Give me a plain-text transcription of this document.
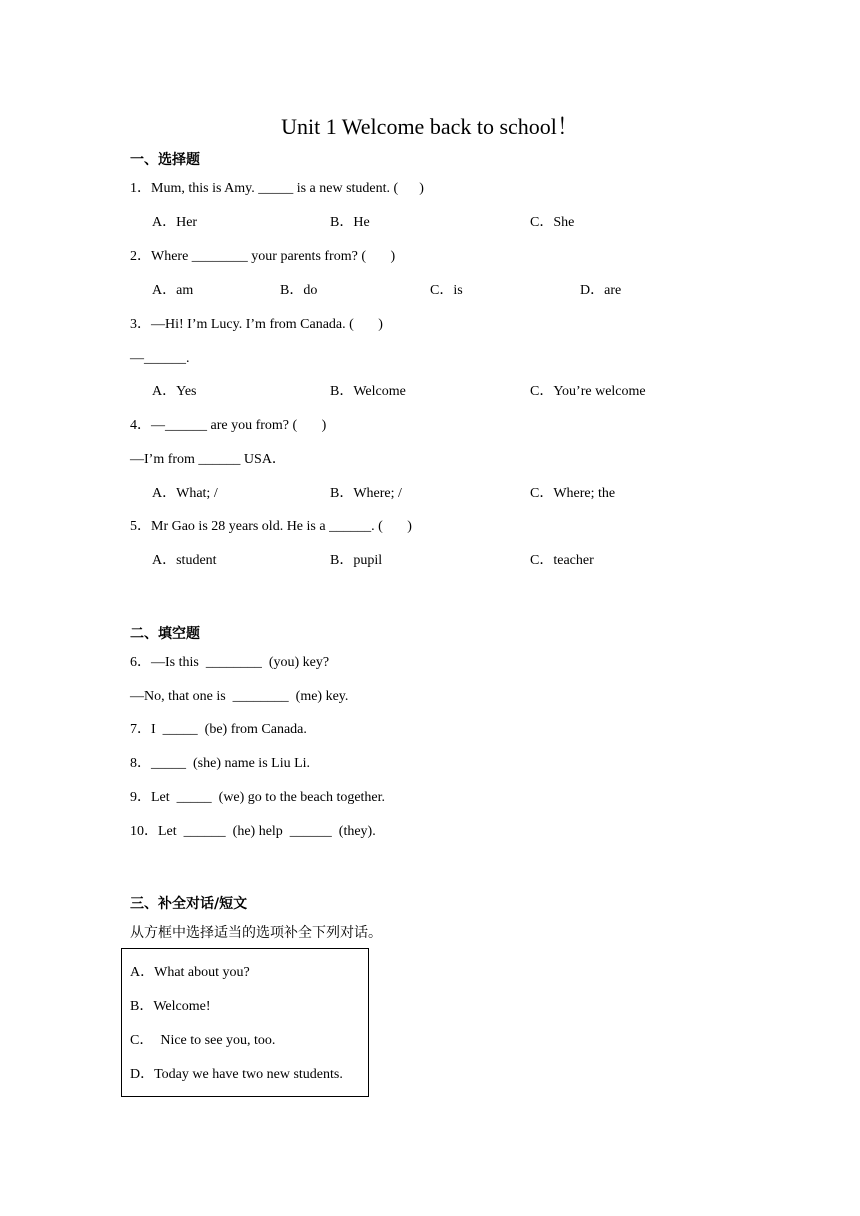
Unit 1 Welcome back to school！
一、选择题
1．Mum, this is Amy. _____ is a new student. (      )
A．Her	B．He	C．She
2．Where ________ your parents from? (       )
A．am	B．do	C．is	D．are
3．—Hi! I’m Lucy. I’m from Canada. (       )
—______.
A．Yes	B．Welcome	C．You’re welcome
4．—______ are you from? (       )
—I’m from ______ USA．
A．What; /	B．Where; /	C．Where; the
5．Mr Gao is 28 years old. He is a ______. (       )
A．student	B．pupil	C．teacher
二、填空题
6．—Is this  ________  (you) key?
—No, that one is  ________  (me) key.
7．I  _____  (be) from Canada.
8．_____  (she) name is Liu Li.
9．Let  _____  (we) go to the beach together.
10．Let  ______  (he) help  ______  (they).
三、补全对话/短文
从方框中选择适当的选项补全下列对话。
A．What about you?
B．Welcome!
C．  Nice to see you, too.
D．Today we have two new students.
